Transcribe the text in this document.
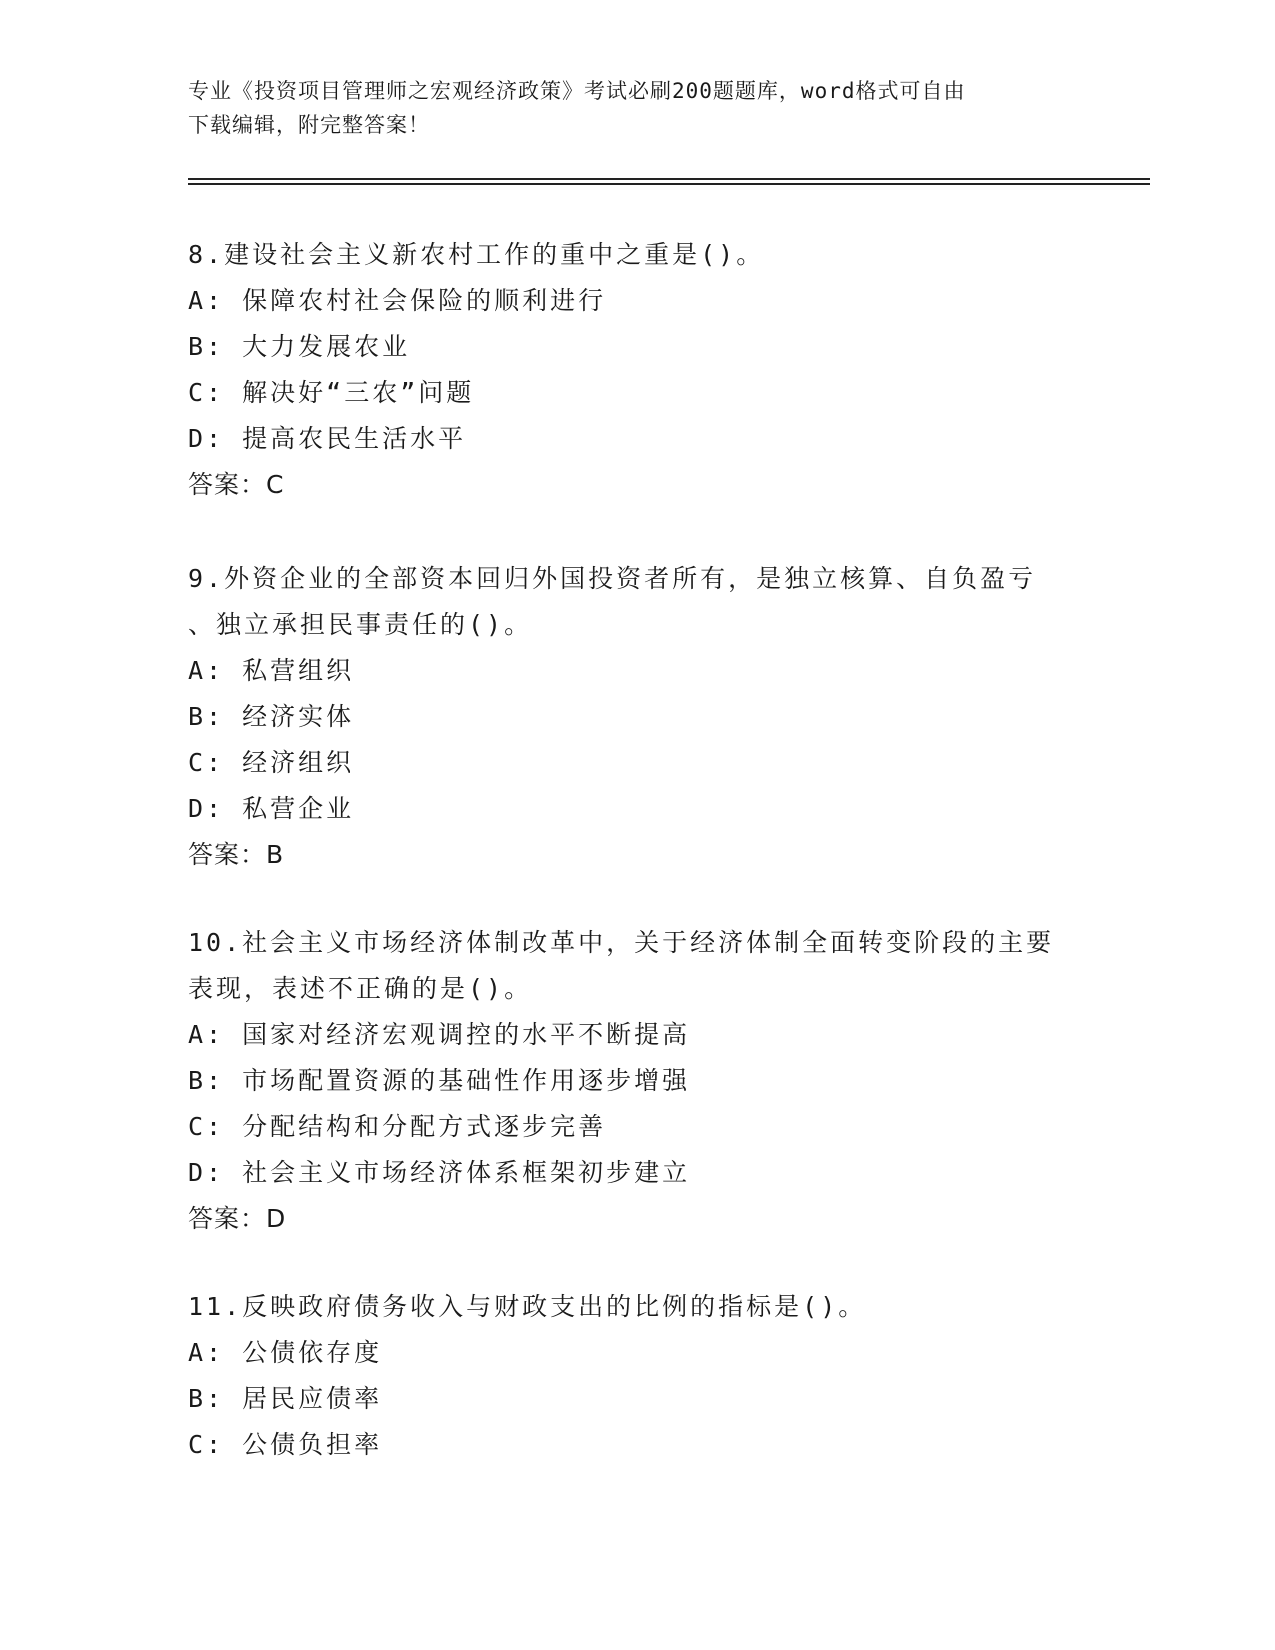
专业《投资项目管理师之宏观经济政策》考试必刷200题题库，word格式可自由
下载编辑，附完整答案！
8.建设社会主义新农村工作的重中之重是()。
A: 保障农村社会保险的顺利进行
B: 大力发展农业
C: 解决好“三农”问题
D: 提高农民生活水平
答案：C
9.外资企业的全部资本回归外国投资者所有，是独立核算、自负盈亏
、独立承担民事责任的()。
A: 私营组织
B: 经济实体
C: 经济组织
D: 私营企业
答案：B
10.社会主义市场经济体制改革中，关于经济体制全面转变阶段的主要
表现，表述不正确的是()。
A: 国家对经济宏观调控的水平不断提高
B: 市场配置资源的基础性作用逐步增强
C: 分配结构和分配方式逐步完善
D: 社会主义市场经济体系框架初步建立
答案：D
11.反映政府债务收入与财政支出的比例的指标是()。
A: 公债依存度
B: 居民应债率
C: 公债负担率
